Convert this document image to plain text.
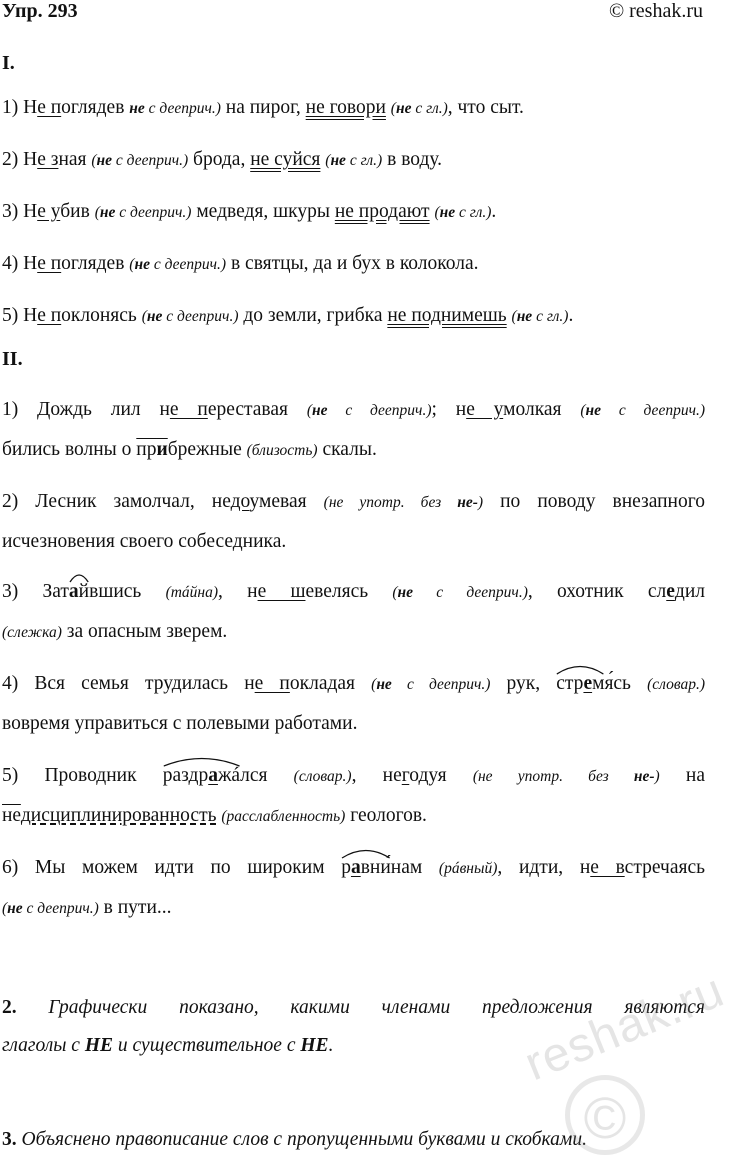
Упр. 293	© reshak.ru
I.
1) Не поглядев не с дееприч.) на пирог, не говори (не с гл.), что сыт.
2) Не зная (не с дееприч.) брода, не суйся (не с гл.) в воду.
3) Не убив (не с дееприч.) медведя, шкуры не продают (не с гл.).
4) Не поглядев (не с дееприч.) в святцы, да и бух в колокола.
5) Не поклонясь (не с дееприч.) до земли, грибка не поднимешь (не с гл.).
II.
1) Дождь лил не переставая (не с дееприч.); не умолкая (не с дееприч.)
бились волны о прибрежные (близость) скалы.
2) Лесник замолчал, недоумевая (не употр. без не-) по поводу внезапного
исчезновения своего собеседника.
3) Зат
айвшись (тáйна), не шевелясь (не с дееприч.), охотник следил
(слежка) за опасным зверем.
4) Вся семья трудилась не покладая (не с дееприч.) рук,
стремя́сь (словар.)
вовремя управиться с полевыми работами.
5) Проводник
раздражáлся (словар.), негодуя (не употр. без не-) на
недисциплинированность (расслабленность) геологов.
6) Мы можем идти по широким
равни́нам (рáвный), идти, не встречаясь
(не с дееприч.) в пути...
2. Графически показано, какими членами предложения являются
глаголы с НЕ и существительное с НЕ.
3. Объяснено правописание слов с пропущенными буквами и скобками.
reshak.ru
©
